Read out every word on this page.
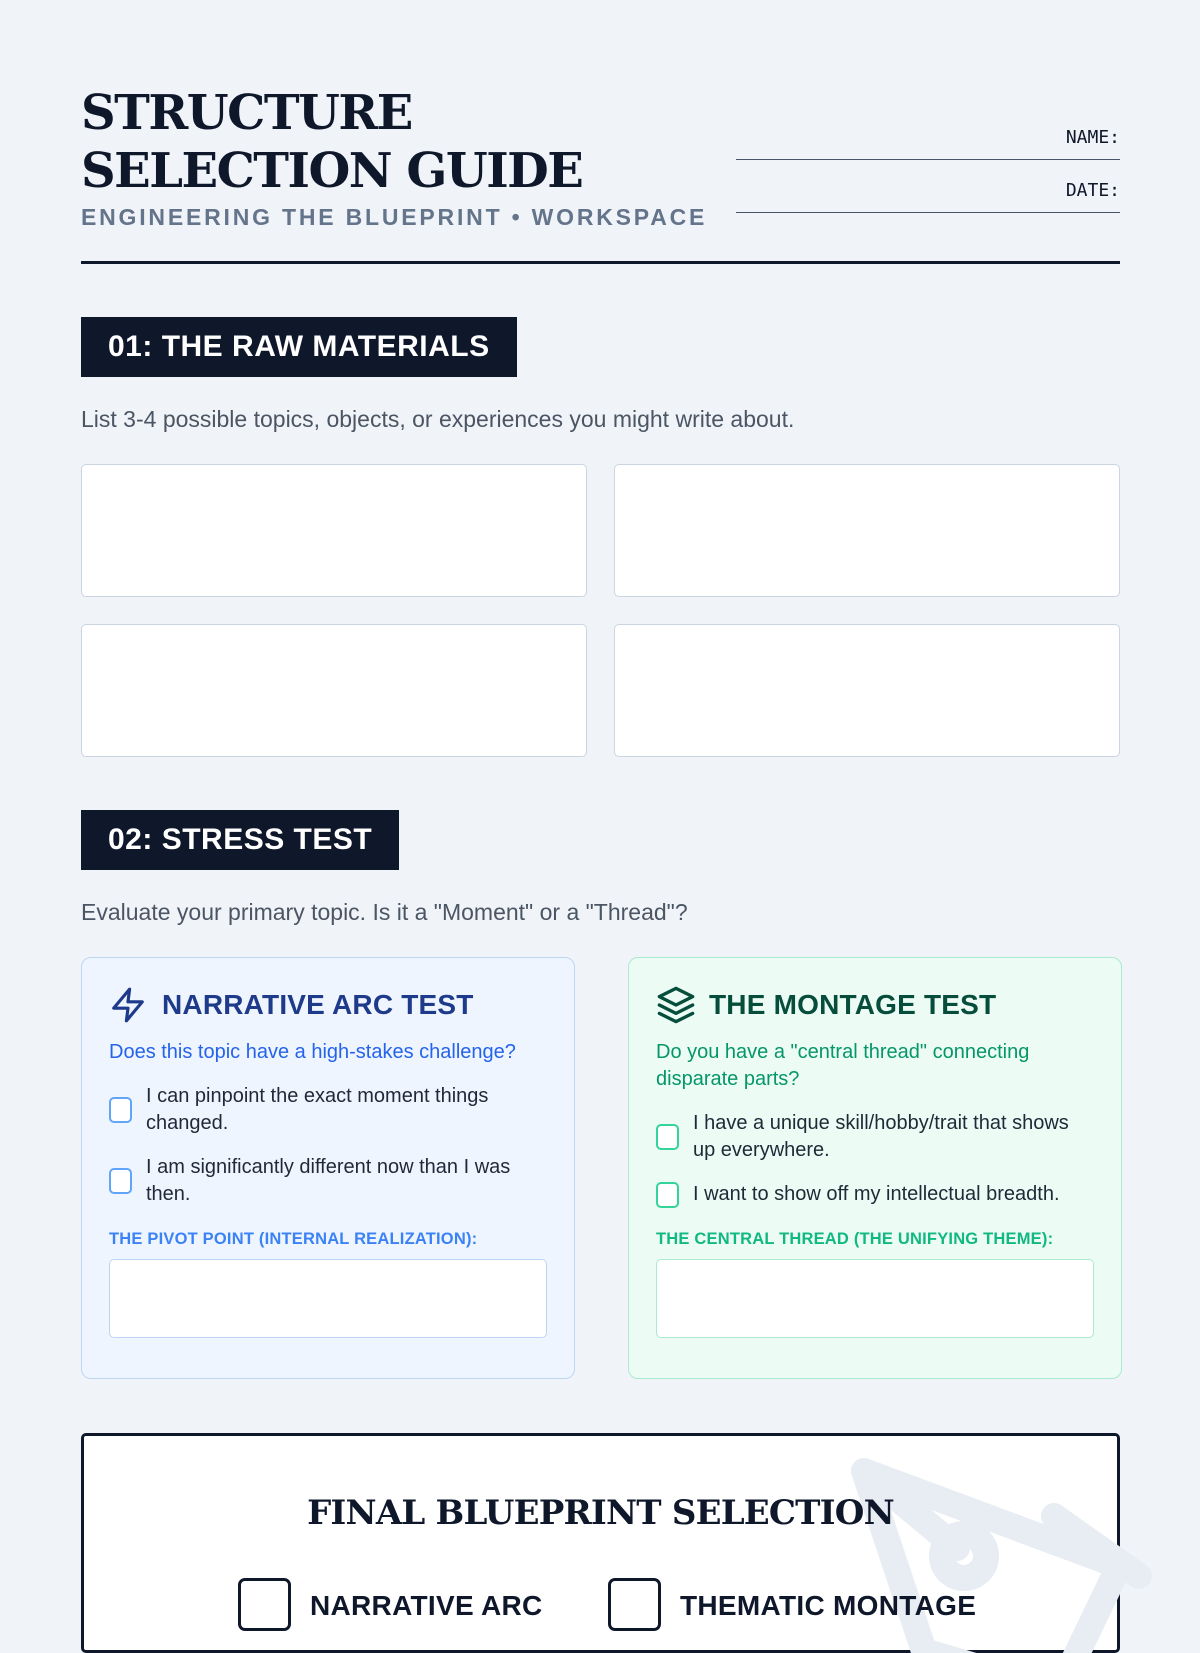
STRUCTURE SELECTION GUIDE
ENGINEERING THE BLUEPRINT • WORKSPACE
NAME:
DATE:
01: THE RAW MATERIALS
List 3-4 possible topics, objects, or experiences you might write about.
02: STRESS TEST
Evaluate your primary topic. Is it a "Moment" or a "Thread"?
NARRATIVE ARC TEST
Does this topic have a high-stakes challenge?
I can pinpoint the exact moment things changed.
I am significantly different now than I was then.
THE PIVOT POINT (INTERNAL REALIZATION):
THE MONTAGE TEST
Do you have a "central thread" connecting disparate parts?
I have a unique skill/hobby/trait that shows up everywhere.
I want to show off my intellectual breadth.
THE CENTRAL THREAD (THE UNIFYING THEME):
FINAL BLUEPRINT SELECTION
NARRATIVE ARC	THEMATIC MONTAGE
